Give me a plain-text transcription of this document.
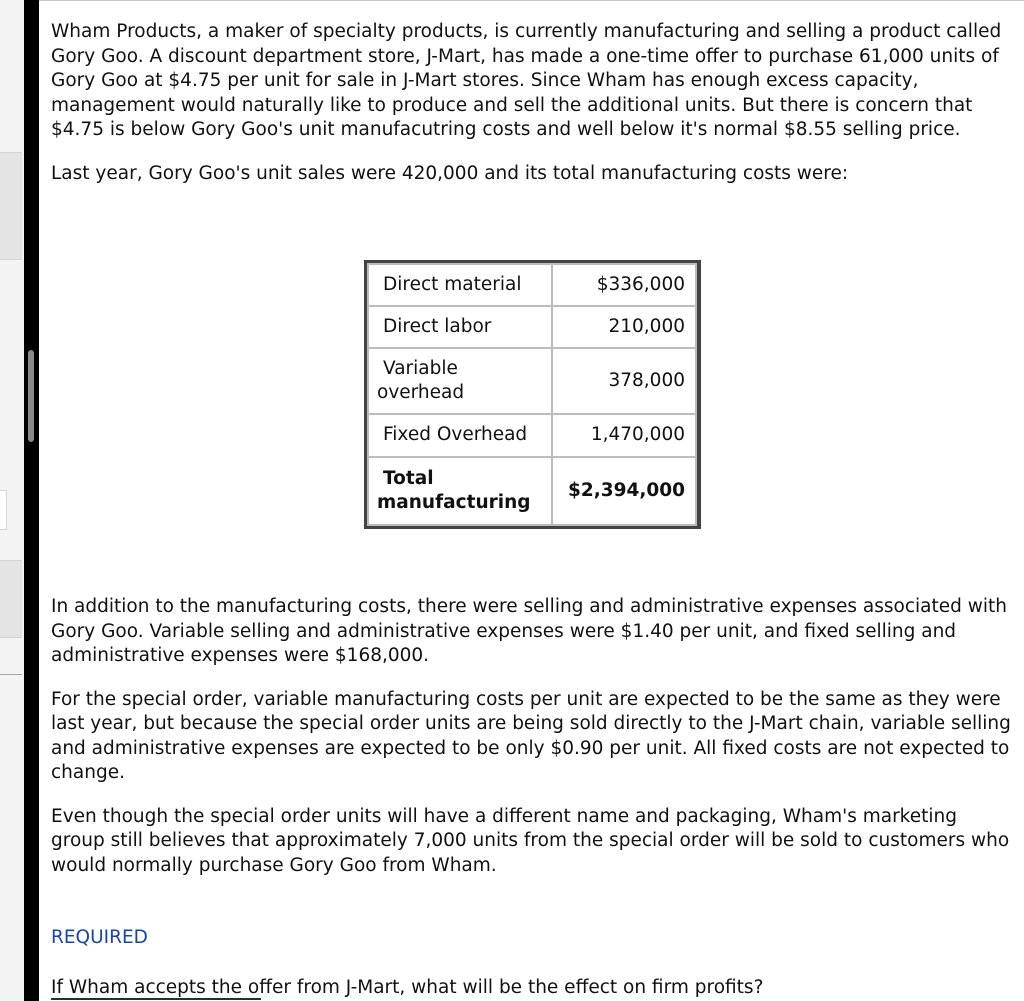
Wham Products, a maker of specialty products, is currently manufacturing and selling a product called Gory Goo. A discount department store, J-Mart, has made a one-time offer to purchase 61,000 units of Gory Goo at $4.75 per unit for sale in J-Mart stores. Since Wham has enough excess capacity, management would naturally like to produce and sell the additional units. But there is concern that $4.75 is below Gory Goo's unit manufacutring costs and well below it's normal $8.55 selling price.

Last year, Gory Goo's unit sales were 420,000 and its total manufacturing costs were:

Direct material	$336,000
Direct labor	210,000

Variable
overhead	378,000
Fixed Overhead	1,470,000

Total
manufacturing	$2,394,000

In addition to the manufacturing costs, there were selling and administrative expenses associated with Gory Goo. Variable selling and administrative expenses were $1.40 per unit, and fixed selling and administrative expenses were $168,000.

For the special order, variable manufacturing costs per unit are expected to be the same as they were last year, but because the special order units are being sold directly to the J-Mart chain, variable selling and administrative expenses are expected to be only $0.90 per unit. All fixed costs are not expected to change.

Even though the special order units will have a different name and packaging, Wham's marketing group still believes that approximately 7,000 units from the special order will be sold to customers who would normally purchase Gory Goo from Wham.

REQUIRED
If Wham accepts the offer from J-Mart, what will be the effect on firm profits?
